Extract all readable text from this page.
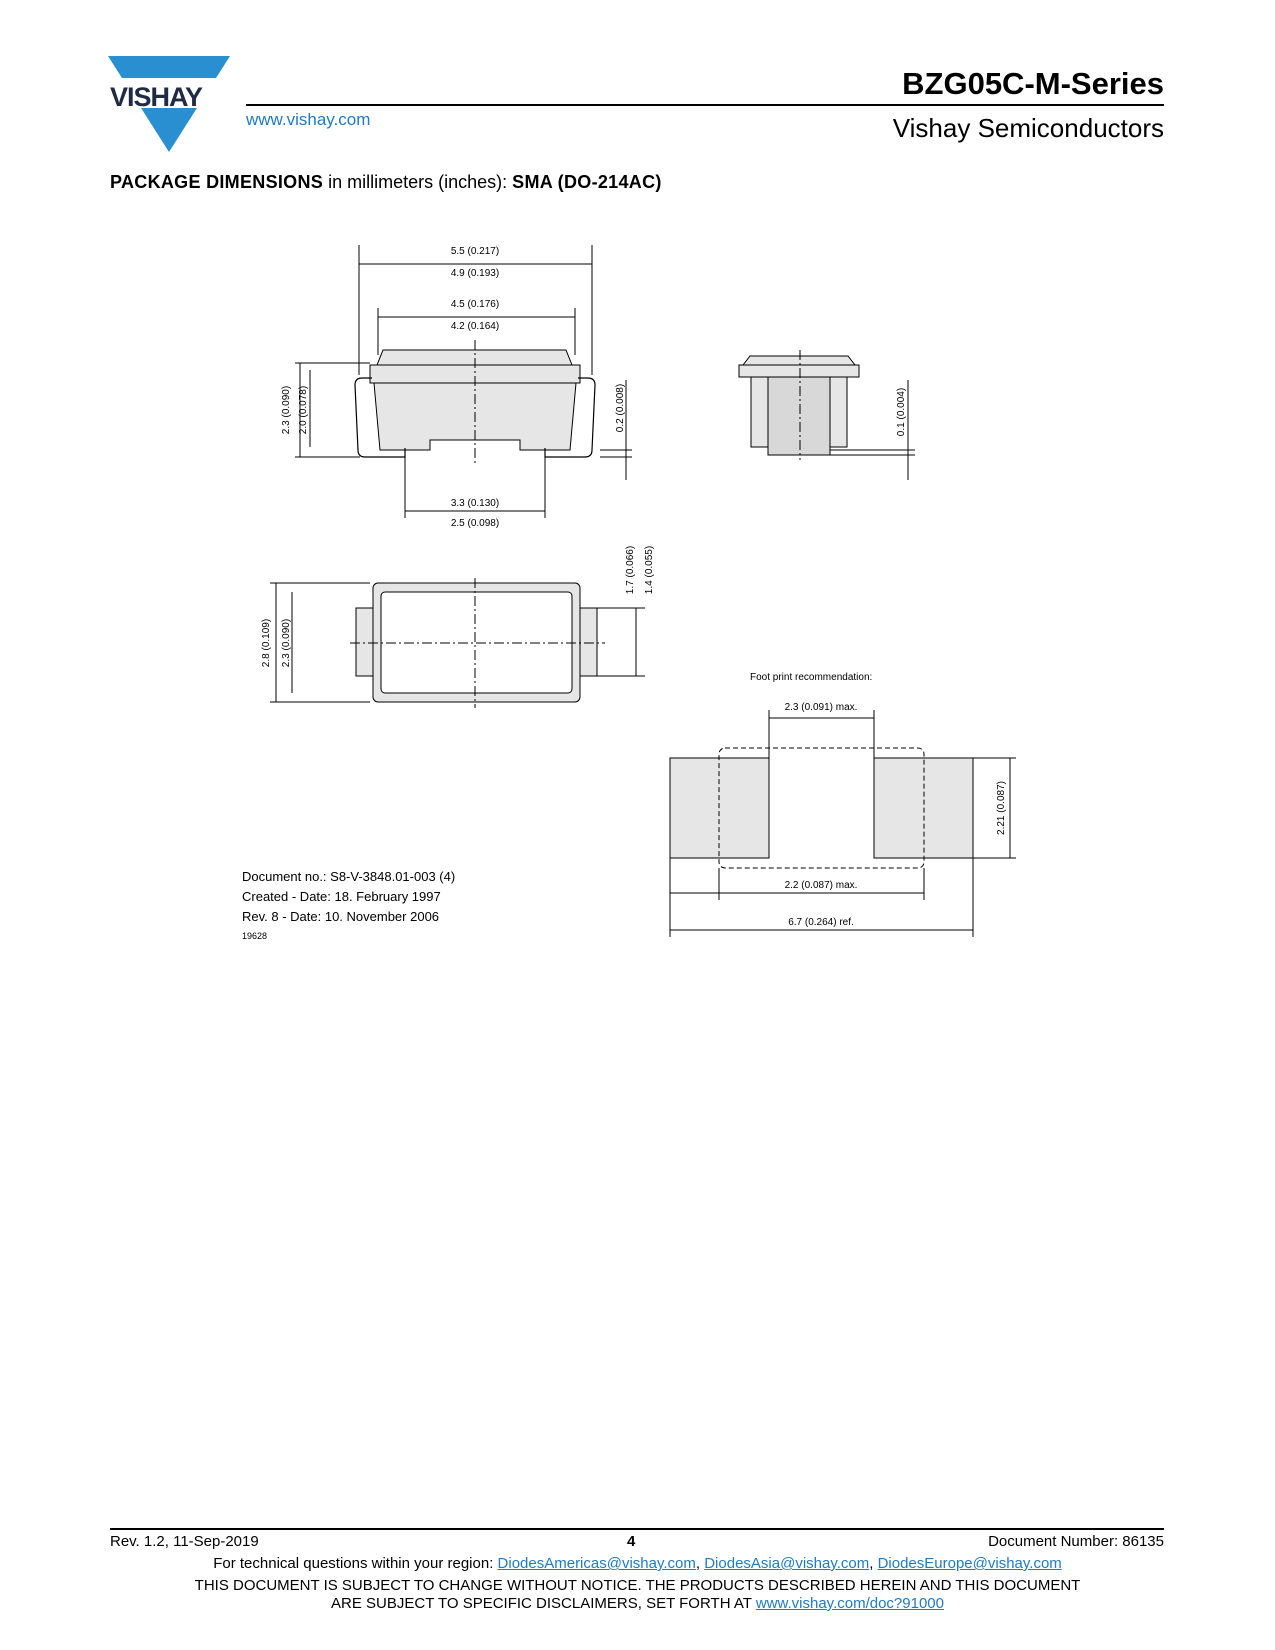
VISHAY
www.vishay.com
BZG05C-M-Series
Vishay Semiconductors
PACKAGE DIMENSIONS in millimeters (inches): SMA (DO-214AC)
5.5 (0.217)
4.9 (0.193)
4.5 (0.176)
4.2 (0.164)
2.3 (0.090) 2.0 (0.078)	0.2 (0.008)
3.3 (0.130)
2.5 (0.098)
0.1 (0.004)
1.7 (0.066) 1.4 (0.055)
2.8 (0.109) 2.3 (0.090)
Foot print recommendation:
2.3 (0.091) max.
2.21 (0.087)
2.2 (0.087) max.
6.7 (0.264) ref.
Document no.: S8-V-3848.01-003 (4)
Created - Date: 18. February 1997
Rev. 8 - Date: 10. November 2006
19628
Rev. 1.2, 11-Sep-2019	4	Document Number: 86135
For technical questions within your region: DiodesAmericas@vishay.com, DiodesAsia@vishay.com, DiodesEurope@vishay.com
THIS DOCUMENT IS SUBJECT TO CHANGE WITHOUT NOTICE. THE PRODUCTS DESCRIBED HEREIN AND THIS DOCUMENT
ARE SUBJECT TO SPECIFIC DISCLAIMERS, SET FORTH AT www.vishay.com/doc?91000
